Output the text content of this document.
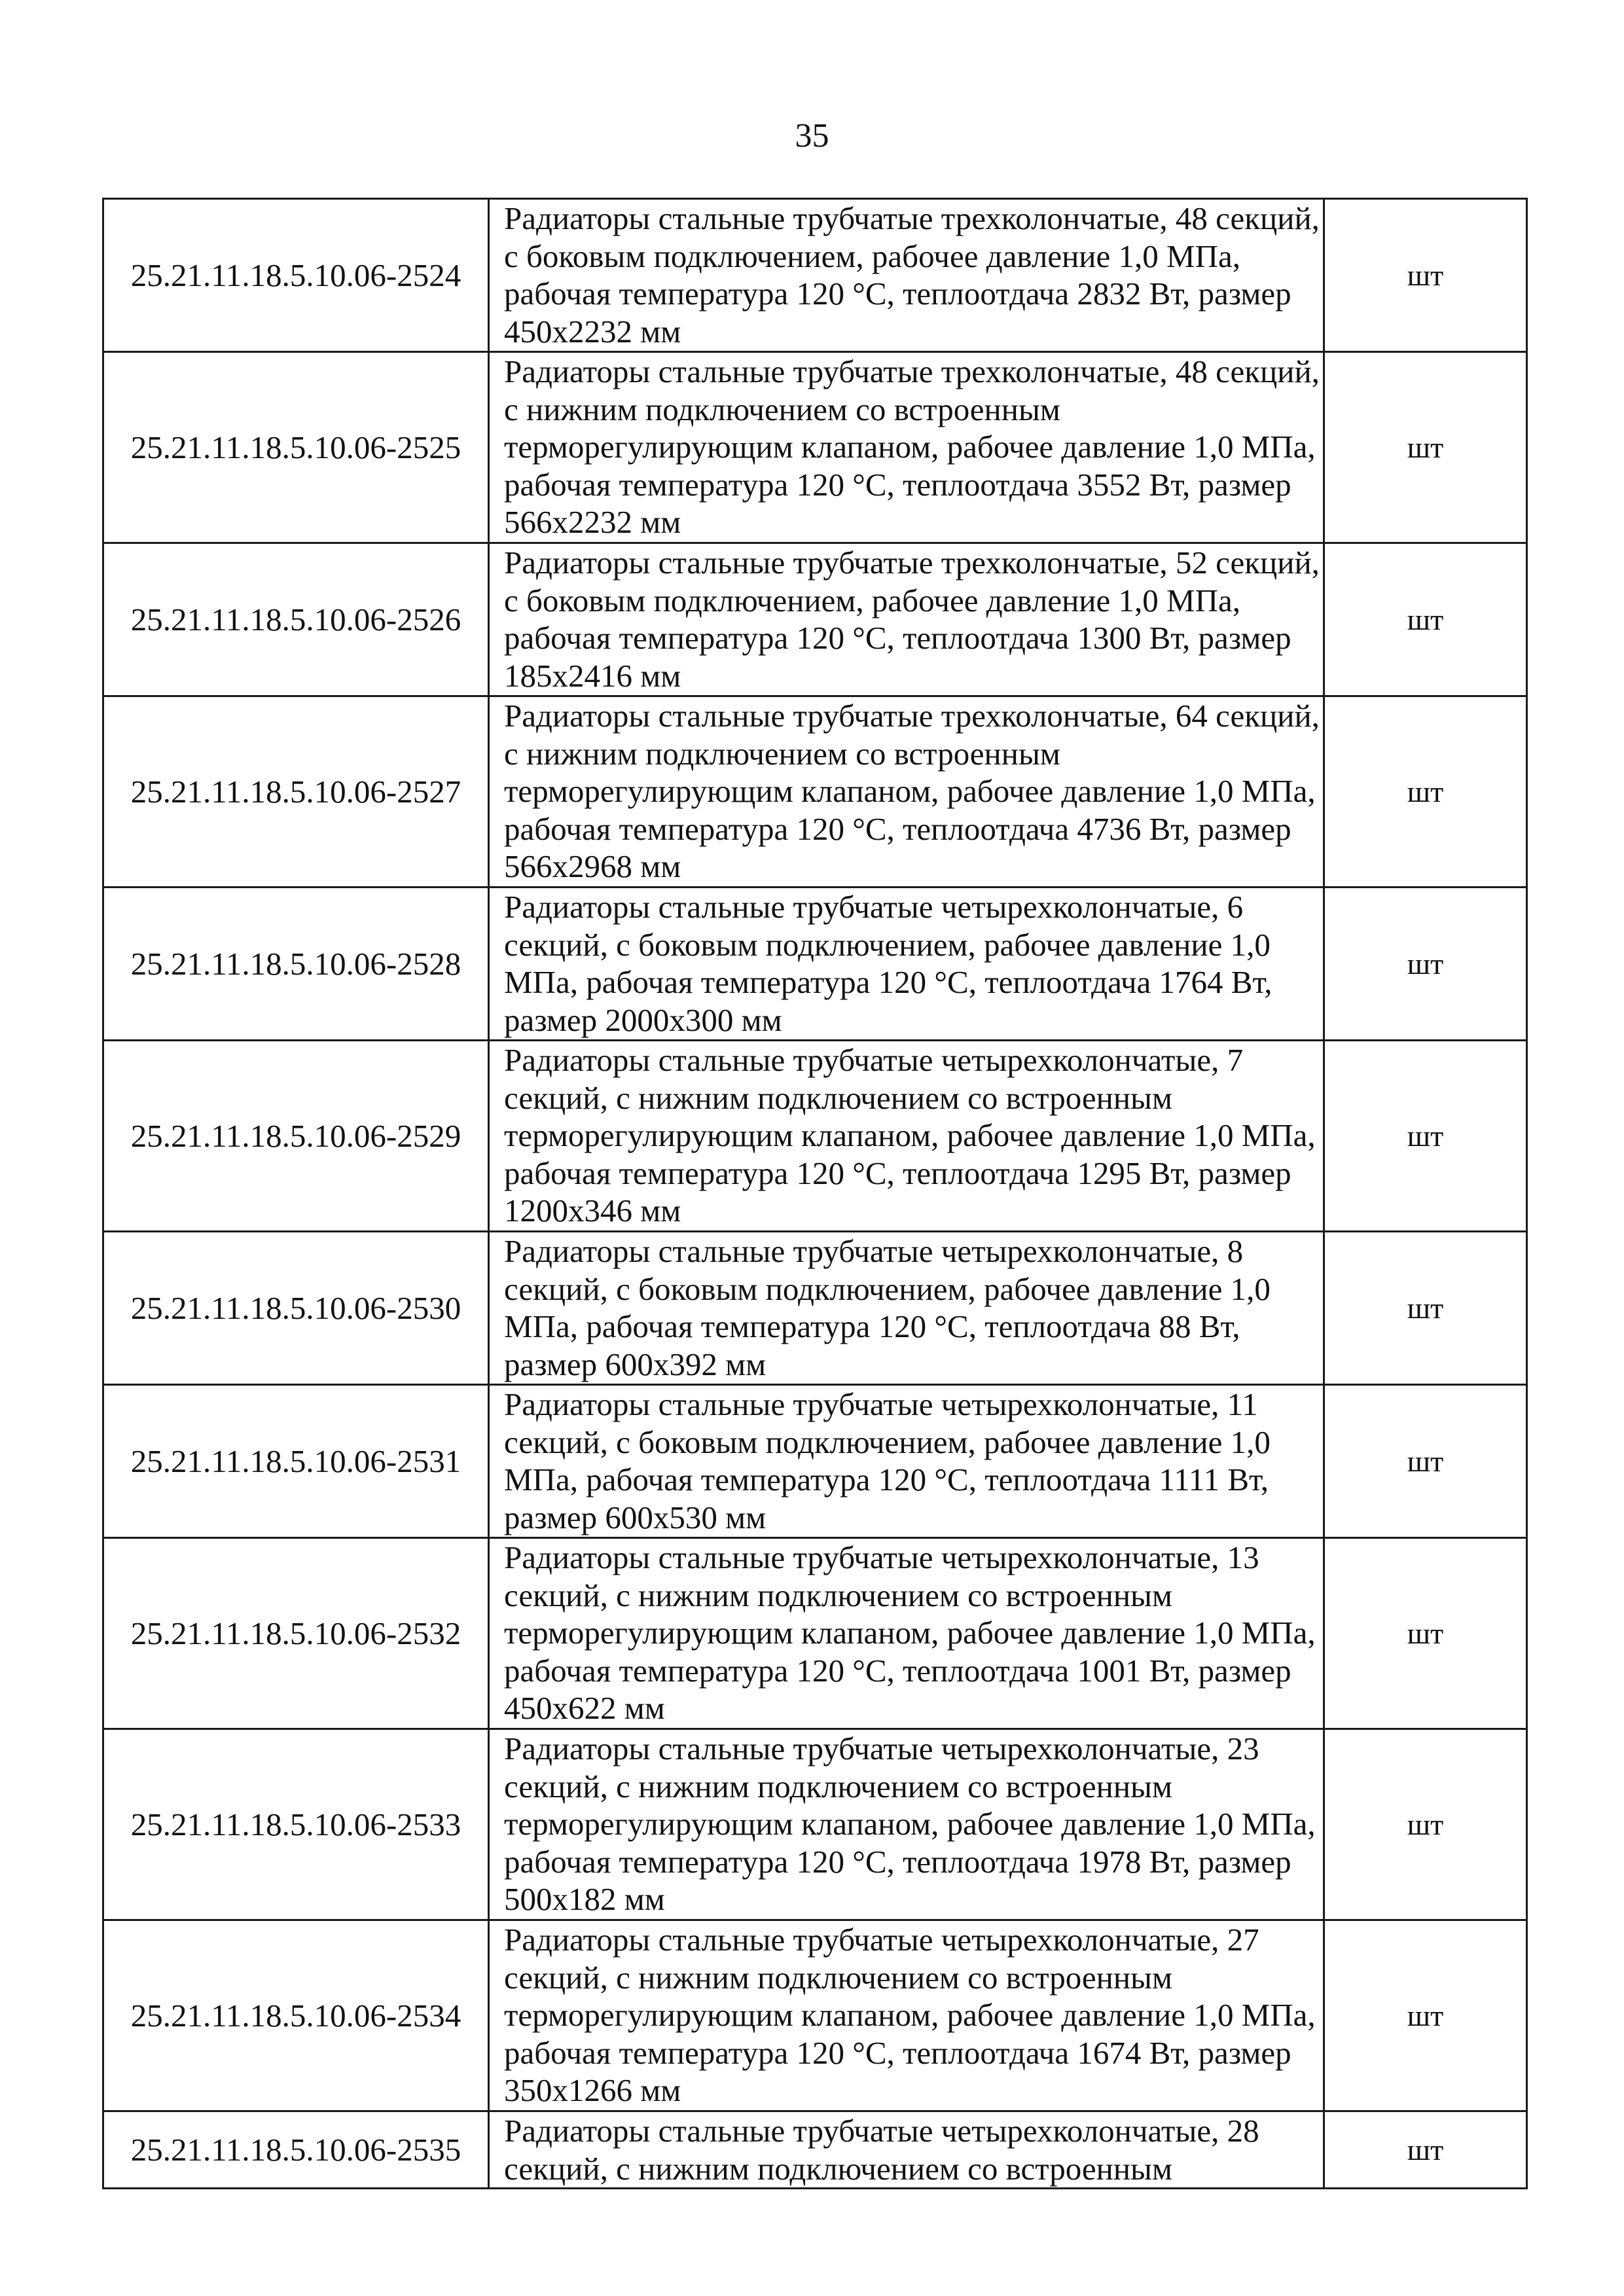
35
25.21.11.18.5.10.06-2524	Радиаторы стальные трубчатые трехколончатые, 48 секций, с боковым подключением, рабочее давление 1,0 МПа, рабочая температура 120 °С, теплоотдача 2832 Вт, размер 450х2232 мм	шт
25.21.11.18.5.10.06-2525	Радиаторы стальные трубчатые трехколончатые, 48 секций, с нижним подключением со встроенным терморегулирующим клапаном, рабочее давление 1,0 МПа, рабочая температура 120 °С, теплоотдача 3552 Вт, размер 566х2232 мм	шт
25.21.11.18.5.10.06-2526	Радиаторы стальные трубчатые трехколончатые, 52 секций, с боковым подключением, рабочее давление 1,0 МПа, рабочая температура 120 °С, теплоотдача 1300 Вт, размер 185х2416 мм	шт
25.21.11.18.5.10.06-2527	Радиаторы стальные трубчатые трехколончатые, 64 секций, с нижним подключением со встроенным терморегулирующим клапаном, рабочее давление 1,0 МПа, рабочая температура 120 °С, теплоотдача 4736 Вт, размер 566х2968 мм	шт
25.21.11.18.5.10.06-2528	Радиаторы стальные трубчатые четырехколончатые, 6 секций, с боковым подключением, рабочее давление 1,0 МПа, рабочая температура 120 °С, теплоотдача 1764 Вт, размер 2000х300 мм	шт
25.21.11.18.5.10.06-2529	Радиаторы стальные трубчатые четырехколончатые, 7 секций, с нижним подключением со встроенным терморегулирующим клапаном, рабочее давление 1,0 МПа, рабочая температура 120 °С, теплоотдача 1295 Вт, размер 1200х346 мм	шт
25.21.11.18.5.10.06-2530	Радиаторы стальные трубчатые четырехколончатые, 8 секций, с боковым подключением, рабочее давление 1,0 МПа, рабочая температура 120 °С, теплоотдача 88 Вт, размер 600х392 мм	шт
25.21.11.18.5.10.06-2531	Радиаторы стальные трубчатые четырехколончатые, 11 секций, с боковым подключением, рабочее давление 1,0 МПа, рабочая температура 120 °С, теплоотдача 1111 Вт, размер 600х530 мм	шт
25.21.11.18.5.10.06-2532	Радиаторы стальные трубчатые четырехколончатые, 13 секций, с нижним подключением со встроенным терморегулирующим клапаном, рабочее давление 1,0 МПа, рабочая температура 120 °С, теплоотдача 1001 Вт, размер 450х622 мм	шт
25.21.11.18.5.10.06-2533	Радиаторы стальные трубчатые четырехколончатые, 23 секций, с нижним подключением со встроенным терморегулирующим клапаном, рабочее давление 1,0 МПа, рабочая температура 120 °С, теплоотдача 1978 Вт, размер 500х182 мм	шт
25.21.11.18.5.10.06-2534	Радиаторы стальные трубчатые четырехколончатые, 27 секций, с нижним подключением со встроенным терморегулирующим клапаном, рабочее давление 1,0 МПа, рабочая температура 120 °С, теплоотдача 1674 Вт, размер 350х1266 мм	шт
25.21.11.18.5.10.06-2535	Радиаторы стальные трубчатые четырехколончатые, 28 секций, с нижним подключением со встроенным	шт
